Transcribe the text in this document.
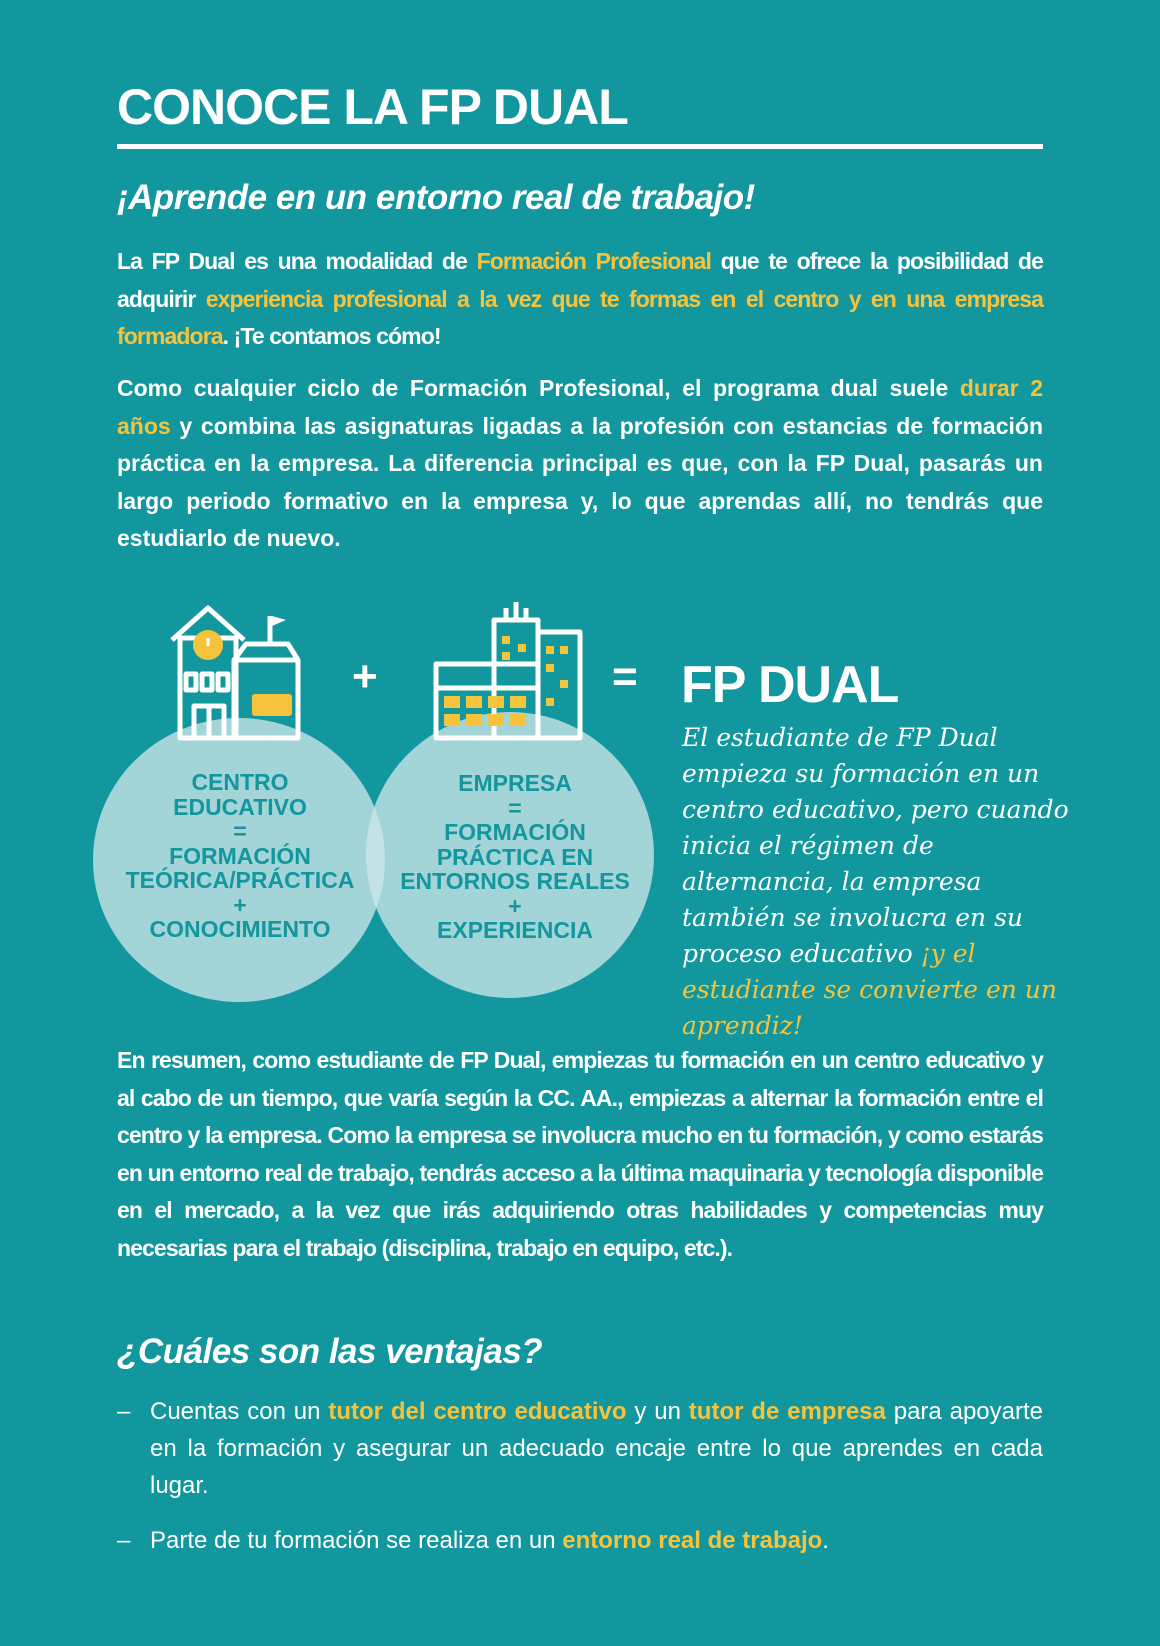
CONOCE LA FP DUAL
¡Aprende en un entorno real de trabajo!

La FP Dual es una modalidad de Formación Profesional que te ofrece la posibilidad de adquirir experiencia profesional a la vez que te formas en el centro y en una empresa formadora. ¡Te contamos cómo!

Como cualquier ciclo de Formación Profesional, el programa dual suele durar 2 años y combina las asignaturas ligadas a la profesión con estancias de formación práctica en la empresa. La diferencia principal es que, con la FP Dual, pasarás un largo periodo formativo en la empresa y, lo que aprendas allí, no tendrás que estudiarlo de nuevo.

+	=
CENTRO
EDUCATIVO
=
FORMACIÓN
TEÓRICA/PRÁCTICA
+
CONOCIMIENTO
EMPRESA
=
FORMACIÓN
PRÁCTICA EN
ENTORNOS REALES
+
EXPERIENCIA
FP DUAL

El estudiante de FP Dual empieza su formación en un centro educativo, pero cuando inicia el régimen de alternancia, la empresa también se involucra en su proceso educativo ¡y el estudiante se convierte en un aprendiz!

En resumen, como estudiante de FP Dual, empiezas tu formación en un centro educativo y al cabo de un tiempo, que varía según la CC. AA., empiezas a alternar la formación entre el centro y la empresa. Como la empresa se involucra mucho en tu formación, y como estarás en un entorno real de trabajo, tendrás acceso a la última maquinaria y tecnología disponible en el mercado, a la vez que irás adquiriendo otras habilidades y competencias muy necesarias para el trabajo (disciplina, trabajo en equipo, etc.).

¿Cuáles son las ventajas?
– Cuentas con un tutor del centro educativo y un tutor de empresa para apoyarte en la formación y asegurar un adecuado encaje entre lo que aprendes en cada lugar.
– Parte de tu formación se realiza en un entorno real de trabajo.
